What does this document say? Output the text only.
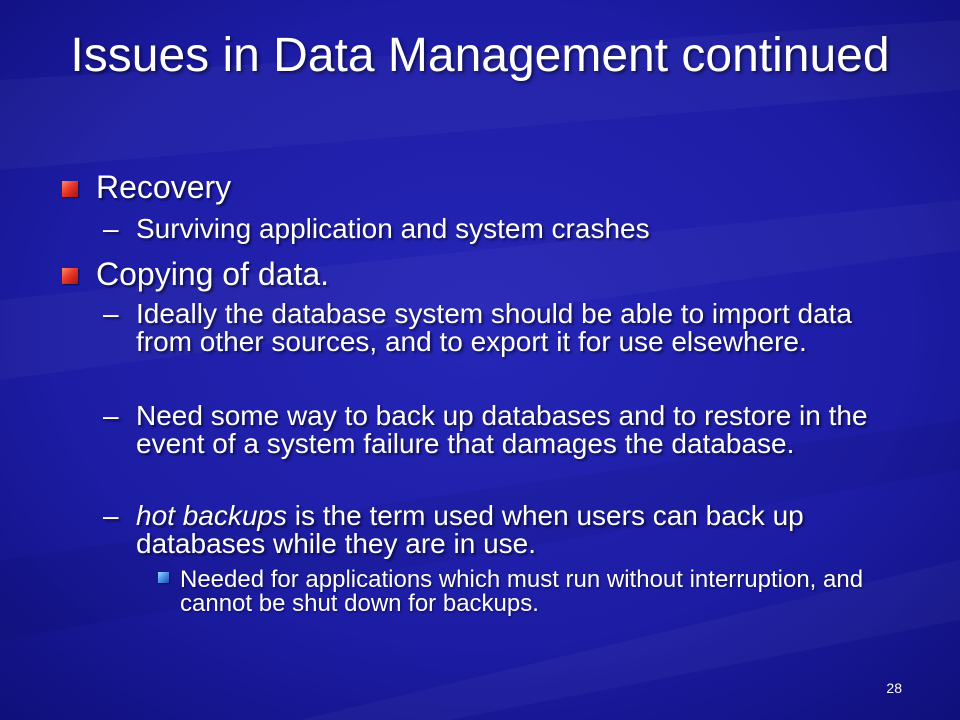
Issues in Data Management continued
Recovery
– Surviving application and system crashes
Copying of data.
– Ideally the database system should be able to import data from other sources, and to export it for use elsewhere.
– Need some way to back up databases and to restore in the event of a system failure that damages the database.
– hot backups is the term used when users can back up databases while they are in use.
Needed for applications which must run without interruption, and cannot be shut down for backups.
28
